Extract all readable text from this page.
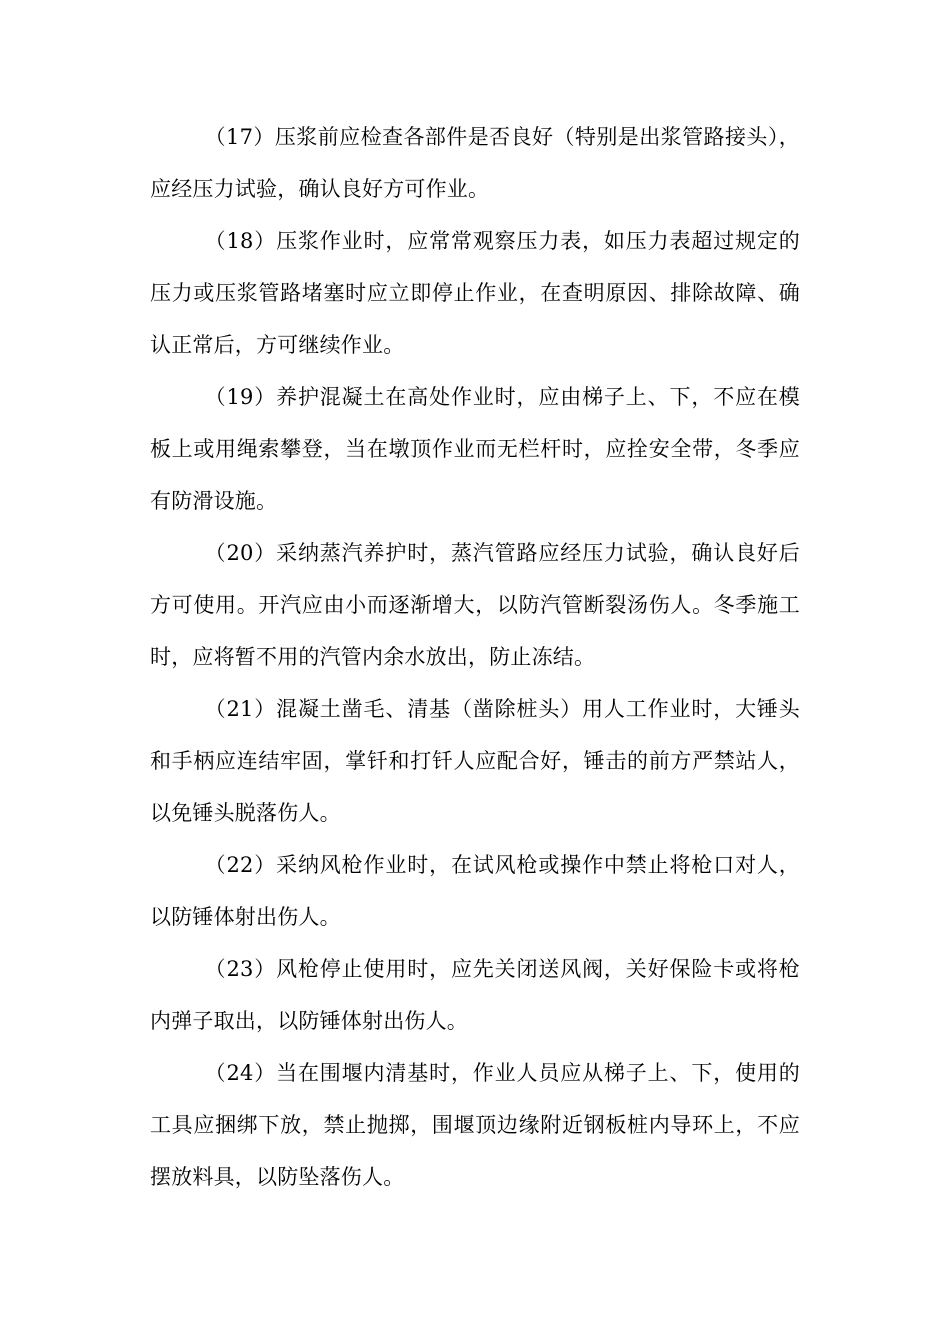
（17）压浆前应检查各部件是否良好（特别是出浆管路接头），应经压力试验，确认良好方可作业。

（18）压浆作业时，应常常观察压力表，如压力表超过规定的压力或压浆管路堵塞时应立即停止作业，在查明原因、排除故障、确认正常后，方可继续作业。

（19）养护混凝土在高处作业时，应由梯子上、下，不应在模板上或用绳索攀登，当在墩顶作业而无栏杆时，应拴安全带，冬季应有防滑设施。

（20）采纳蒸汽养护时，蒸汽管路应经压力试验，确认良好后方可使用。开汽应由小而逐渐增大，以防汽管断裂汤伤人。冬季施工时，应将暂不用的汽管内余水放出，防止冻结。

（21）混凝土凿毛、清基（凿除桩头）用人工作业时，大锤头和手柄应连结牢固，掌钎和打钎人应配合好，锤击的前方严禁站人，以免锤头脱落伤人。

（22）采纳风枪作业时，在试风枪或操作中禁止将枪口对人，以防锤体射出伤人。

（23）风枪停止使用时，应先关闭送风阀，关好保险卡或将枪内弹子取出，以防锤体射出伤人。

（24）当在围堰内清基时，作业人员应从梯子上、下，使用的工具应捆绑下放，禁止抛掷，围堰顶边缘附近钢板桩内导环上，不应摆放料具，以防坠落伤人。
